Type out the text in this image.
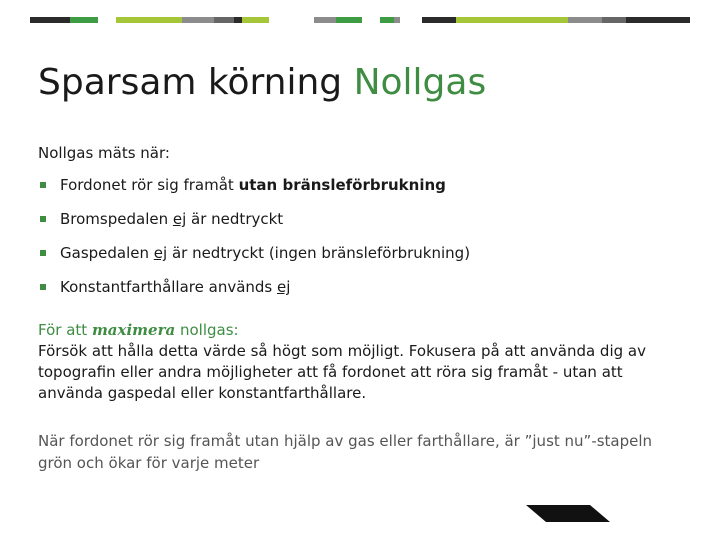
Sparsam körning Nollgas
Nollgas mäts när:
Fordonet rör sig framåt utan bränsleförbrukning
Bromspedalen ej är nedtryckt
Gaspedalen ej är nedtryckt (ingen bränsleförbrukning)
Konstantfarthållare används ej
För att maximera nollgas:
Försök att hålla detta värde så högt som möjligt. Fokusera på att använda dig av topografin eller andra möjligheter att få fordonet att röra sig framåt - utan att använda gaspedal eller konstantfarthållare.
När fordonet rör sig framåt utan hjälp av gas eller farthållare, är ”just nu”-stapeln grön och ökar för varje meter
